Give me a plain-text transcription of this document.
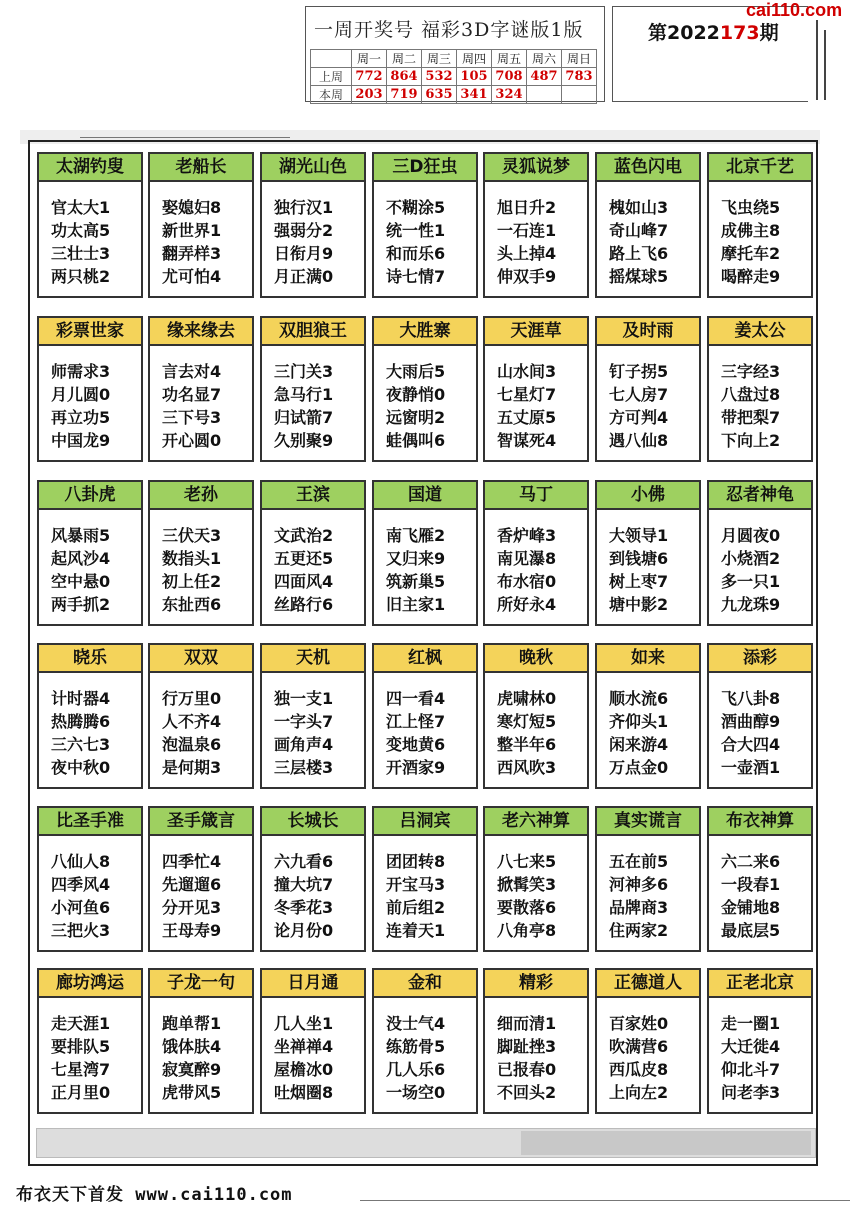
一周开奖号 福彩3D字谜版1版
	周一	周二	周三	周四	周五	周六	周日
上周	772	864	532	105	708	487	783
本周	203	719	635	341	324		
第2022173期
cai110.com
太湖钓叟
官太大1
功太高5
三壮士3
两只桃2
老船长
娶媳妇8
新世界1
翻弄样3
尤可怕4
湖光山色
独行汉1
强弱分2
日衔月9
月正满0
三D狂虫
不糊涂5
统一性1
和而乐6
诗七情7
灵狐说梦
旭日升2
一石连1
头上掉4
伸双手9
蓝色闪电
槐如山3
奇山峰7
路上飞6
摇煤球5
北京千艺
飞虫绕5
成佛主8
摩托车2
喝醉走9
彩票世家
师需求3
月儿圆0
再立功5
中国龙9
缘来缘去
言去对4
功名显7
三下号3
开心圆0
双胆狼王
三门关3
急马行1
归试箭7
久别聚9
大胜寨
大雨后5
夜静悄0
远窗明2
蛙偶叫6
天涯草
山水间3
七星灯7
五丈原5
智谋死4
及时雨
钉子拐5
七人房7
方可判4
遇八仙8
姜太公
三字经3
八盘过8
带把梨7
下向上2
八卦虎
风暴雨5
起风沙4
空中悬0
两手抓2
老孙
三伏天3
数指头1
初上任2
东扯西6
王滨
文武治2
五更还5
四面风4
丝路行6
国道
南飞雁2
又归来9
筑新巢5
旧主家1
马丁
香炉峰3
南见瀑8
布水宿0
所好永4
小佛
大领导1
到钱塘6
树上枣7
塘中影2
忍者神龟
月圆夜0
小烧酒2
多一只1
九龙珠9
晓乐
计时器4
热腾腾6
三六七3
夜中秋0
双双
行万里0
人不齐4
泡温泉6
是何期3
天机
独一支1
一字头7
画角声4
三层楼3
红枫
四一看4
江上怪7
变地黄6
开酒家9
晚秋
虎啸林0
寒灯短5
整半年6
西风吹3
如来
顺水流6
齐仰头1
闲来游4
万点金0
添彩
飞八卦8
酒曲醇9
合大四4
一壶酒1
比圣手准
八仙人8
四季风4
小河鱼6
三把火3
圣手箴言
四季忙4
先遛遛6
分开见3
王母寿9
长城长
六九看6
撞大坑7
冬季花3
论月份0
吕洞宾
团团转8
开宝马3
前后组2
连着天1
老六神算
八七来5
掀髯笑3
要散落6
八角亭8
真实谎言
五在前5
河神多6
品牌商3
住两家2
布衣神算
六二来6
一段春1
金铺地8
最底层5
廊坊鸿运
走天涯1
要排队5
七星湾7
正月里0
子龙一句
跑单帮1
饿体肤4
寂寞醉9
虎带风5
日月通
几人坐1
坐禅禅4
屋檐冰0
吐烟圈8
金和
没士气4
练筋骨5
几人乐6
一场空0
精彩
细而清1
脚趾挫3
已报春0
不回头2
正德道人
百家姓0
吹满营6
西瓜皮8
上向左2
正老北京
走一圈1
大迁徙4
仰北斗7
问老李3
布衣天下首发 www.cai110.com
